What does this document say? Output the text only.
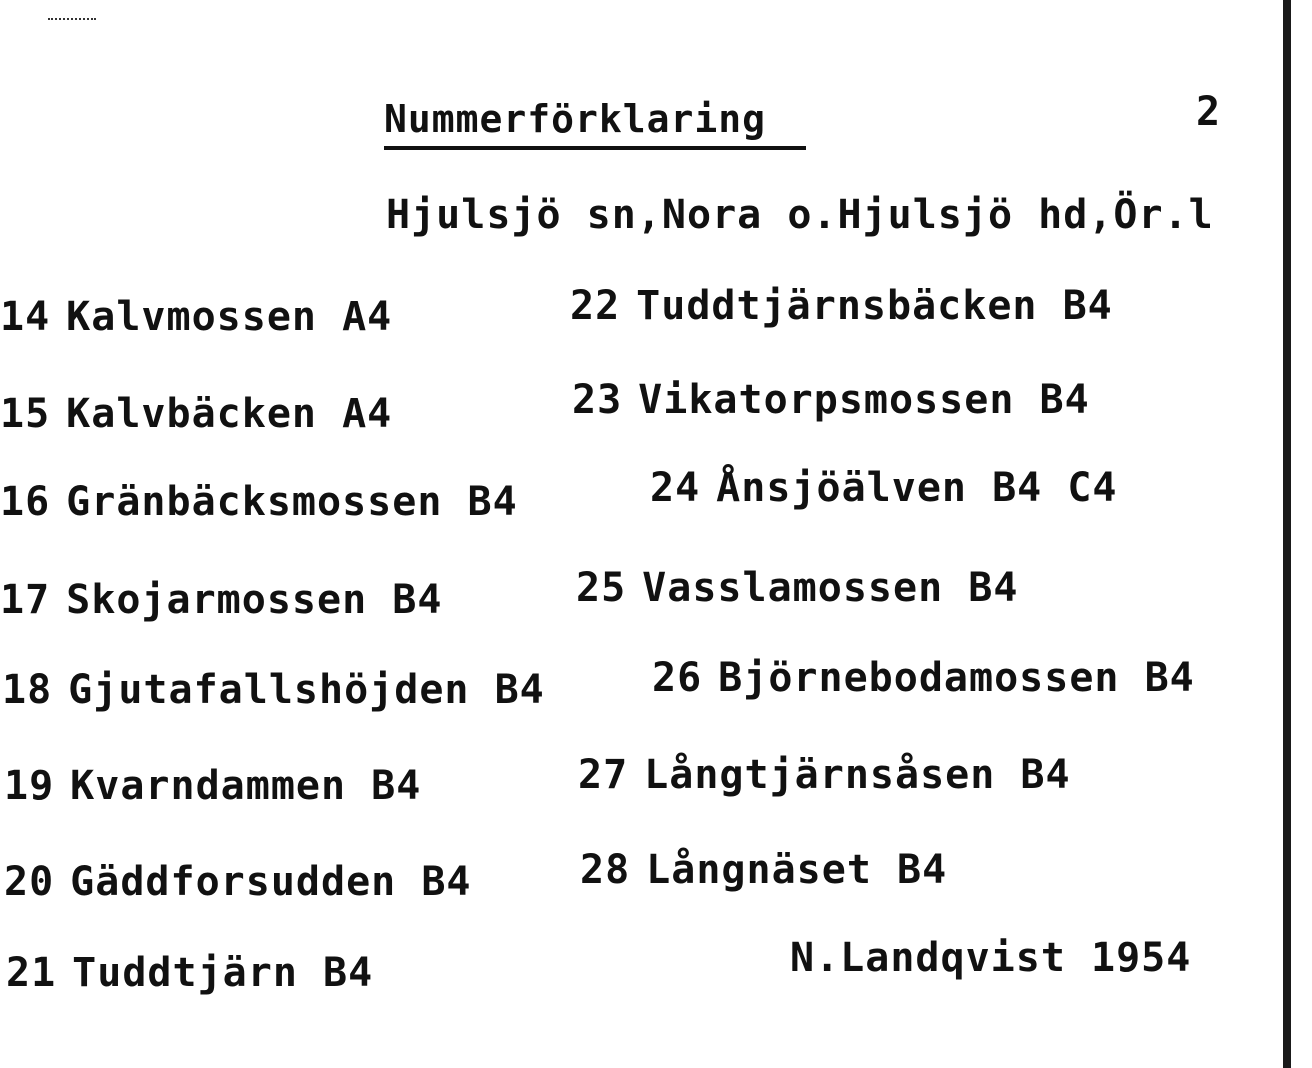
Nummerförklaring	2
Hjulsjö sn,Nora o.Hjulsjö hd,Ör.l
14 Kalvmossen A4
15 Kalvbäcken A4
16 Gränbäcksmossen B4
17 Skojarmossen B4
18 Gjutafallshöjden B4
19 Kvarndammen B4
20 Gäddforsudden B4
21 Tuddtjärn B4
22 Tuddtjärnsbäcken B4
23 Vikatorpsmossen B4
24 Ånsjöälven B4 C4
25 Vasslamossen B4
26 Björnebodamossen B4
27 Långtjärnsåsen B4
28 Långnäset B4
N.Landqvist 1954
